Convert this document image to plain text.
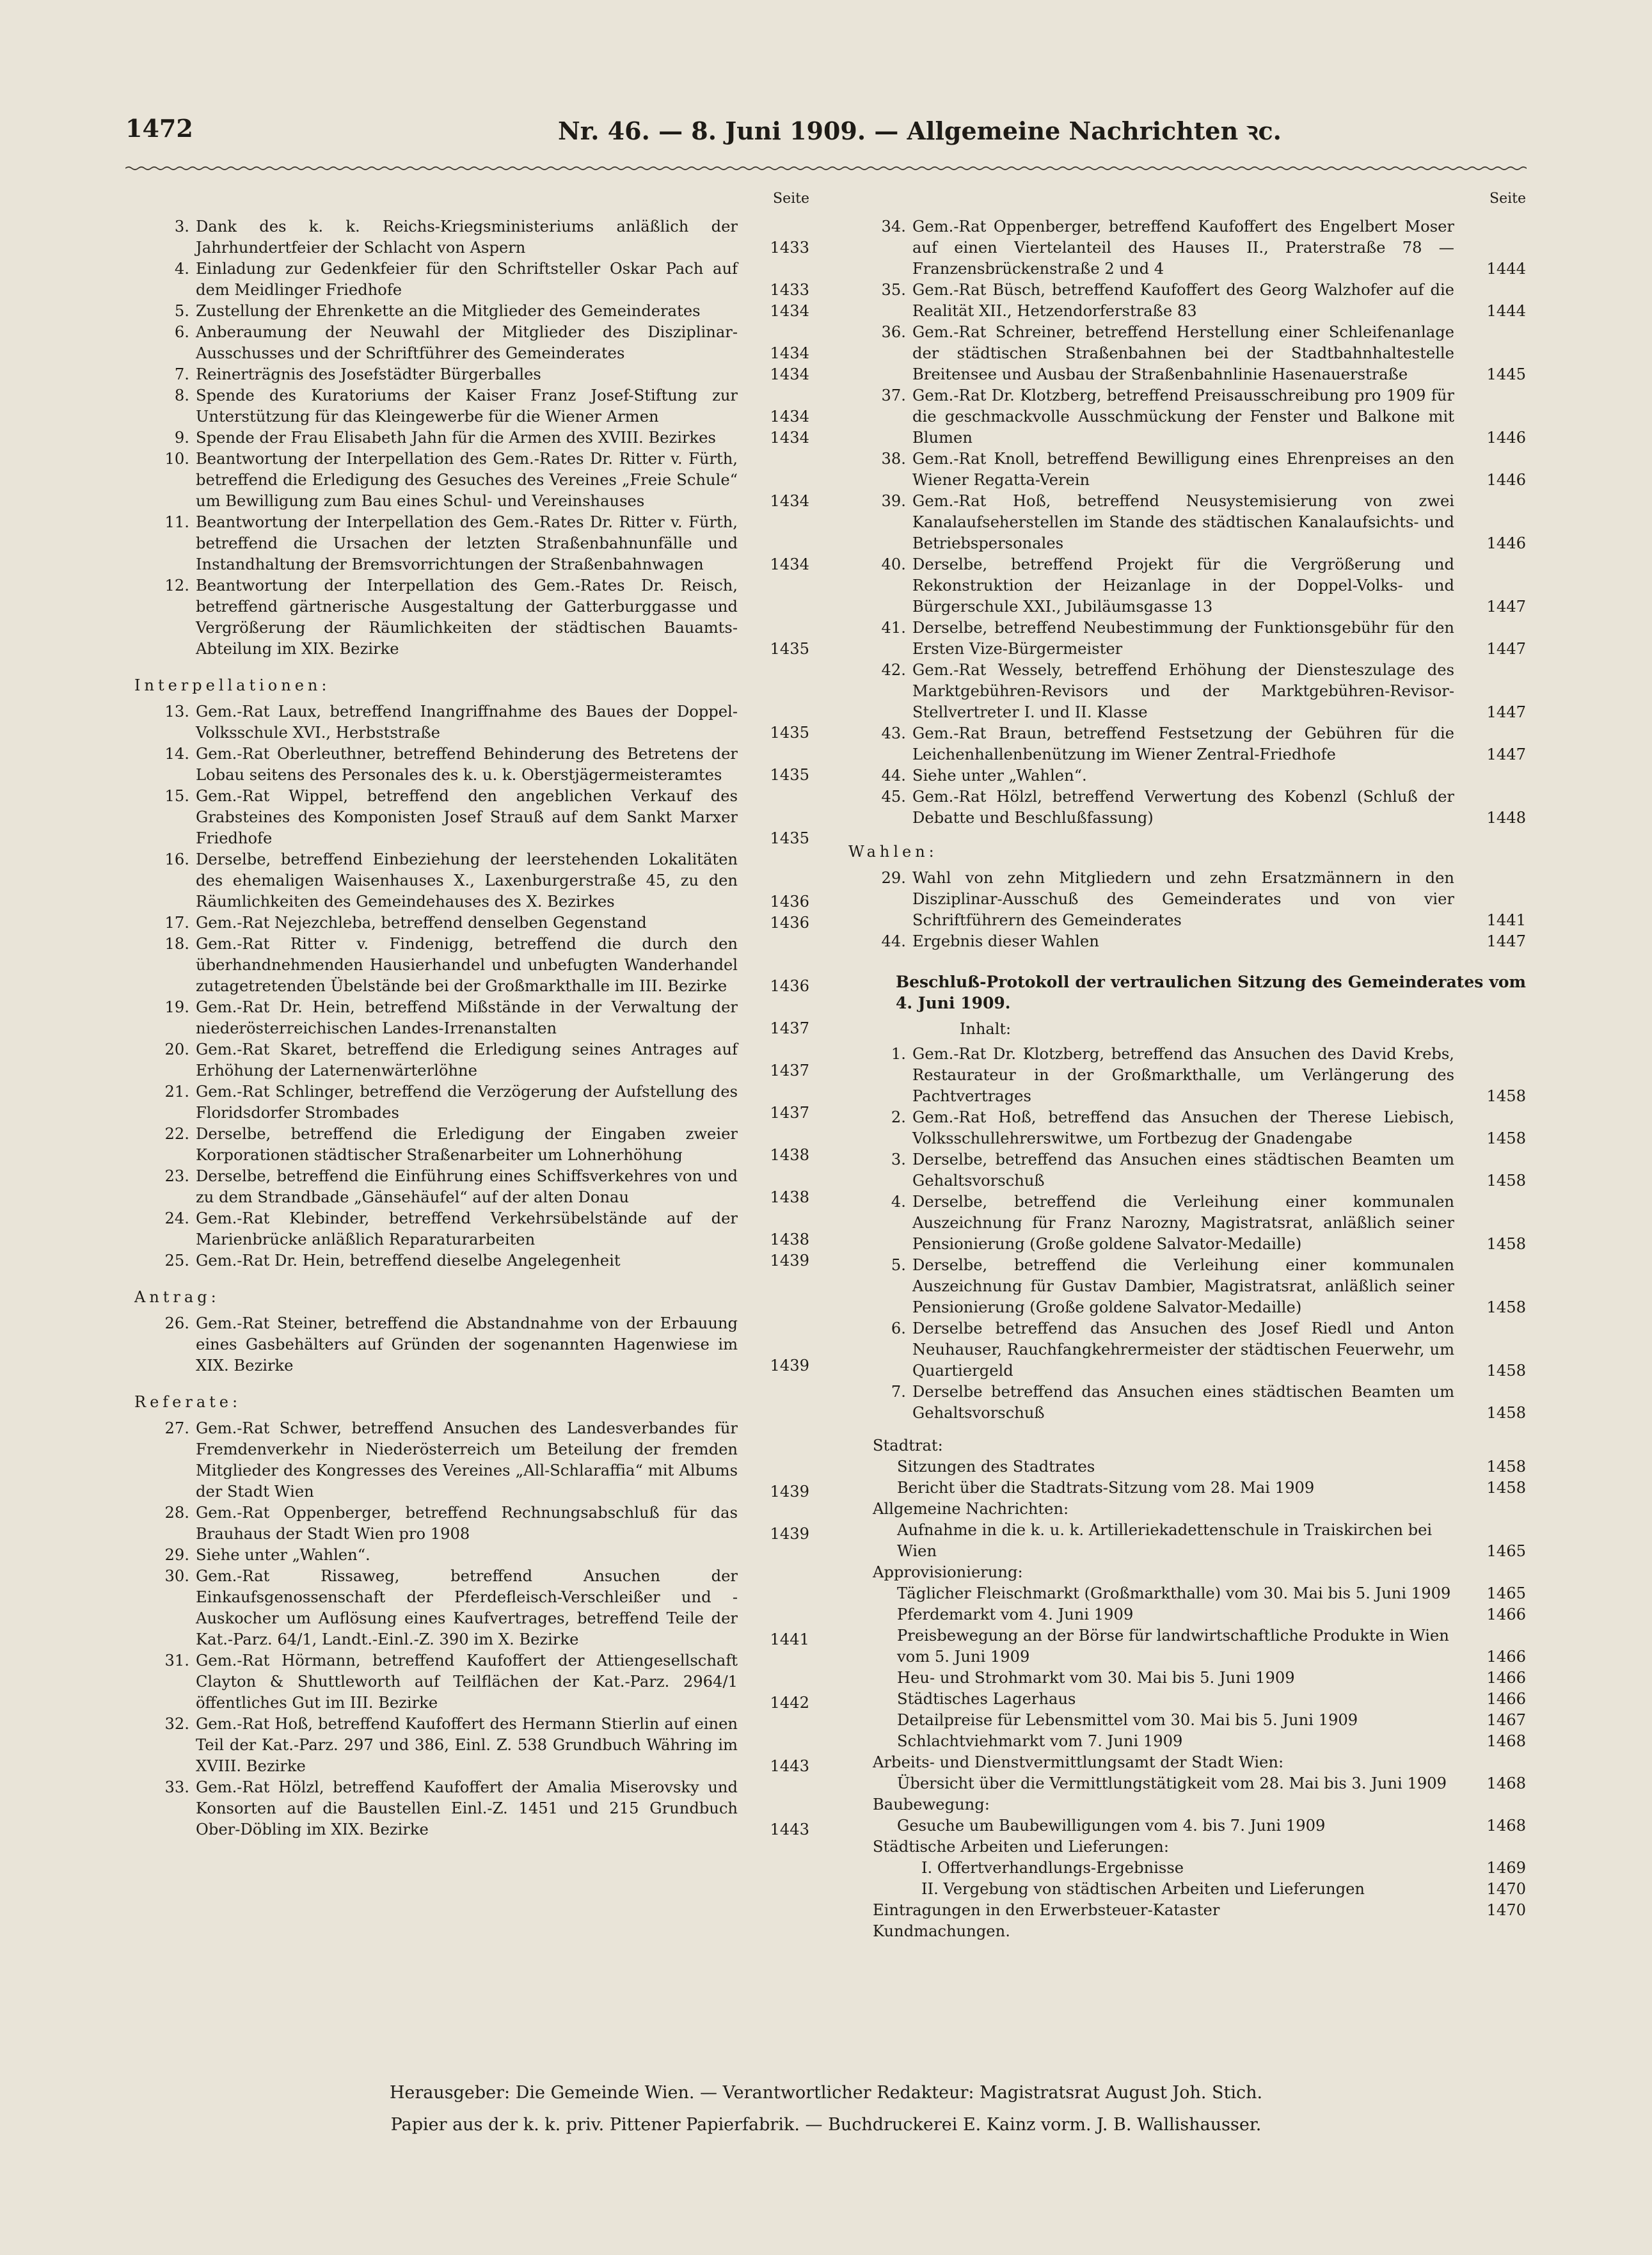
1472	Nr. 46. — 8. Juni 1909. — Allgemeine Nachrichten ꝛc.
Seite
3. Dank des k. k. Reichs-Kriegsministeriums anläßlich der Jahrhundertfeier der Schlacht von Aspern	1433
4. Einladung zur Gedenkfeier für den Schriftsteller Oskar Pach auf dem Meidlinger Friedhofe	1433
5. Zustellung der Ehrenkette an die Mitglieder des Gemeinderates	1434
6. Anberaumung der Neuwahl der Mitglieder des Disziplinar-Ausschusses und der Schriftführer des Gemeinderates	1434
7. Reinerträgnis des Josefstädter Bürgerballes	1434
8. Spende des Kuratoriums der Kaiser Franz Josef-Stiftung zur Unterstützung für das Kleingewerbe für die Wiener Armen	1434
9. Spende der Frau Elisabeth Jahn für die Armen des XVIII. Bezirkes	1434
10. Beantwortung der Interpellation des Gem.-Rates Dr. Ritter v. Fürth, betreffend die Erledigung des Gesuches des Vereines „Freie Schule“ um Bewilligung zum Bau eines Schul- und Vereinshauses	1434
11. Beantwortung der Interpellation des Gem.-Rates Dr. Ritter v. Fürth, betreffend die Ursachen der letzten Straßenbahnunfälle und Instandhaltung der Bremsvorrichtungen der Straßenbahnwagen	1434
12. Beantwortung der Interpellation des Gem.-Rates Dr. Reisch, betreffend gärtnerische Ausgestaltung der Gatterburggasse und Vergrößerung der Räumlichkeiten der städtischen Bauamts-Abteilung im XIX. Bezirke	1435
Interpellationen:
13. Gem.-Rat Laux, betreffend Inangriffnahme des Baues der Doppel-Volksschule XVI., Herbststraße	1435
14. Gem.-Rat Oberleuthner, betreffend Behinderung des Betretens der Lobau seitens des Personales des k. u. k. Oberstjägermeisteramtes	1435
15. Gem.-Rat Wippel, betreffend den angeblichen Verkauf des Grabsteines des Komponisten Josef Strauß auf dem Sankt Marxer Friedhofe	1435
16. Derselbe, betreffend Einbeziehung der leerstehenden Lokalitäten des ehemaligen Waisenhauses X., Laxenburgerstraße 45, zu den Räumlichkeiten des Gemeindehauses des X. Bezirkes	1436
17. Gem.-Rat Nejezchleba, betreffend denselben Gegenstand	1436
18. Gem.-Rat Ritter v. Findenigg, betreffend die durch den überhandnehmenden Hausierhandel und unbefugten Wanderhandel zutagetretenden Übelstände bei der Großmarkthalle im III. Bezirke	1436
19. Gem.-Rat Dr. Hein, betreffend Mißstände in der Verwaltung der niederösterreichischen Landes-Irrenanstalten	1437
20. Gem.-Rat Skaret, betreffend die Erledigung seines Antrages auf Erhöhung der Laternenwärterlöhne	1437
21. Gem.-Rat Schlinger, betreffend die Verzögerung der Aufstellung des Floridsdorfer Strombades	1437
22. Derselbe, betreffend die Erledigung der Eingaben zweier Korporationen städtischer Straßenarbeiter um Lohnerhöhung	1438
23. Derselbe, betreffend die Einführung eines Schiffsverkehres von und zu dem Strandbade „Gänsehäufel“ auf der alten Donau	1438
24. Gem.-Rat Klebinder, betreffend Verkehrsübelstände auf der Marienbrücke anläßlich Reparaturarbeiten	1438
25. Gem.-Rat Dr. Hein, betreffend dieselbe Angelegenheit	1439
Antrag:
26. Gem.-Rat Steiner, betreffend die Abstandnahme von der Erbauung eines Gasbehälters auf Gründen der sogenannten Hagenwiese im XIX. Bezirke	1439
Referate:
27. Gem.-Rat Schwer, betreffend Ansuchen des Landesverbandes für Fremdenverkehr in Niederösterreich um Beteilung der fremden Mitglieder des Kongresses des Vereines „All-Schlaraffia“ mit Albums der Stadt Wien	1439
28. Gem.-Rat Oppenberger, betreffend Rechnungsabschluß für das Brauhaus der Stadt Wien pro 1908	1439
29. Siehe unter „Wahlen“.
30. Gem.-Rat Rissaweg, betreffend Ansuchen der Einkaufsgenossenschaft der Pferdefleisch-Verschleißer und -Auskocher um Auflösung eines Kaufvertrages, betreffend Teile der Kat.-Parz. 64/1, Landt.-Einl.-Z. 390 im X. Bezirke	1441
31. Gem.-Rat Hörmann, betreffend Kaufoffert der Attiengesellschaft Clayton & Shuttleworth auf Teilflächen der Kat.-Parz. 2964/1 öffentliches Gut im III. Bezirke	1442
32. Gem.-Rat Hoß, betreffend Kaufoffert des Hermann Stierlin auf einen Teil der Kat.-Parz. 297 und 386, Einl. Z. 538 Grundbuch Währing im XVIII. Bezirke	1443
33. Gem.-Rat Hölzl, betreffend Kaufoffert der Amalia Miserovsky und Konsorten auf die Baustellen Einl.-Z. 1451 und 215 Grundbuch Ober-Döbling im XIX. Bezirke	1443
Seite
34. Gem.-Rat Oppenberger, betreffend Kaufoffert des Engelbert Moser auf einen Viertelanteil des Hauses II., Praterstraße 78 — Franzensbrückenstraße 2 und 4	1444
35. Gem.-Rat Büsch, betreffend Kaufoffert des Georg Walzhofer auf die Realität XII., Hetzendorferstraße 83	1444
36. Gem.-Rat Schreiner, betreffend Herstellung einer Schleifenanlage der städtischen Straßenbahnen bei der Stadtbahnhaltestelle Breitensee und Ausbau der Straßenbahnlinie Hasenauerstraße	1445
37. Gem.-Rat Dr. Klotzberg, betreffend Preisausschreibung pro 1909 für die geschmackvolle Ausschmückung der Fenster und Balkone mit Blumen	1446
38. Gem.-Rat Knoll, betreffend Bewilligung eines Ehrenpreises an den Wiener Regatta-Verein	1446
39. Gem.-Rat Hoß, betreffend Neusystemisierung von zwei Kanalaufseherstellen im Stande des städtischen Kanalaufsichts- und Betriebspersonales	1446
40. Derselbe, betreffend Projekt für die Vergrößerung und Rekonstruktion der Heizanlage in der Doppel-Volks- und Bürgerschule XXI., Jubiläumsgasse 13	1447
41. Derselbe, betreffend Neubestimmung der Funktionsgebühr für den Ersten Vize-Bürgermeister	1447
42. Gem.-Rat Wessely, betreffend Erhöhung der Diensteszulage des Marktgebühren-Revisors und der Marktgebühren-Revisor-Stellvertreter I. und II. Klasse	1447
43. Gem.-Rat Braun, betreffend Festsetzung der Gebühren für die Leichenhallenbenützung im Wiener Zentral-Friedhofe	1447
44. Siehe unter „Wahlen“.
45. Gem.-Rat Hölzl, betreffend Verwertung des Kobenzl (Schluß der Debatte und Beschlußfassung)	1448
Wahlen:
29. Wahl von zehn Mitgliedern und zehn Ersatzmännern in den Disziplinar-Ausschuß des Gemeinderates und von vier Schriftführern des Gemeinderates	1441
44. Ergebnis dieser Wahlen	1447
Beschluß-Protokoll der vertraulichen Sitzung des Gemeinderates vom 4. Juni 1909.
Inhalt:
1. Gem.-Rat Dr. Klotzberg, betreffend das Ansuchen des David Krebs, Restaurateur in der Großmarkthalle, um Verlängerung des Pachtvertrages	1458
2. Gem.-Rat Hoß, betreffend das Ansuchen der Therese Liebisch, Volksschullehrerswitwe, um Fortbezug der Gnadengabe	1458
3. Derselbe, betreffend das Ansuchen eines städtischen Beamten um Gehaltsvorschuß	1458
4. Derselbe, betreffend die Verleihung einer kommunalen Auszeichnung für Franz Narozny, Magistratsrat, anläßlich seiner Pensionierung (Große goldene Salvator-Medaille)	1458
5. Derselbe, betreffend die Verleihung einer kommunalen Auszeichnung für Gustav Dambier, Magistratsrat, anläßlich seiner Pensionierung (Große goldene Salvator-Medaille)	1458
6. Derselbe betreffend das Ansuchen des Josef Riedl und Anton Neuhauser, Rauchfangkehrermeister der städtischen Feuerwehr, um Quartiergeld	1458
7. Derselbe betreffend das Ansuchen eines städtischen Beamten um Gehaltsvorschuß	1458
Stadtrat:
Sitzungen des Stadtrates	1458
Bericht über die Stadtrats-Sitzung vom 28. Mai 1909	1458
Allgemeine Nachrichten:
Aufnahme in die k. u. k. Artilleriekadettenschule in Traiskirchen bei Wien	1465
Approvisionierung:
Täglicher Fleischmarkt (Großmarkthalle) vom 30. Mai bis 5. Juni 1909	1465
Pferdemarkt vom 4. Juni 1909	1466
Preisbewegung an der Börse für landwirtschaftliche Produkte in Wien vom 5. Juni 1909	1466
Heu- und Strohmarkt vom 30. Mai bis 5. Juni 1909	1466
Städtisches Lagerhaus	1466
Detailpreise für Lebensmittel vom 30. Mai bis 5. Juni 1909	1467
Schlachtviehmarkt vom 7. Juni 1909	1468
Arbeits- und Dienstvermittlungsamt der Stadt Wien:
Übersicht über die Vermittlungstätigkeit vom 28. Mai bis 3. Juni 1909	1468
Baubewegung:
Gesuche um Baubewilligungen vom 4. bis 7. Juni 1909	1468
Städtische Arbeiten und Lieferungen:
I. Offertverhandlungs-Ergebnisse	1469
II. Vergebung von städtischen Arbeiten und Lieferungen	1470
Eintragungen in den Erwerbsteuer-Kataster	1470
Kundmachungen.
Herausgeber: Die Gemeinde Wien. — Verantwortlicher Redakteur: Magistratsrat August Joh. Stich.
Papier aus der k. k. priv. Pittener Papierfabrik. — Buchdruckerei E. Kainz vorm. J. B. Wallishausser.
